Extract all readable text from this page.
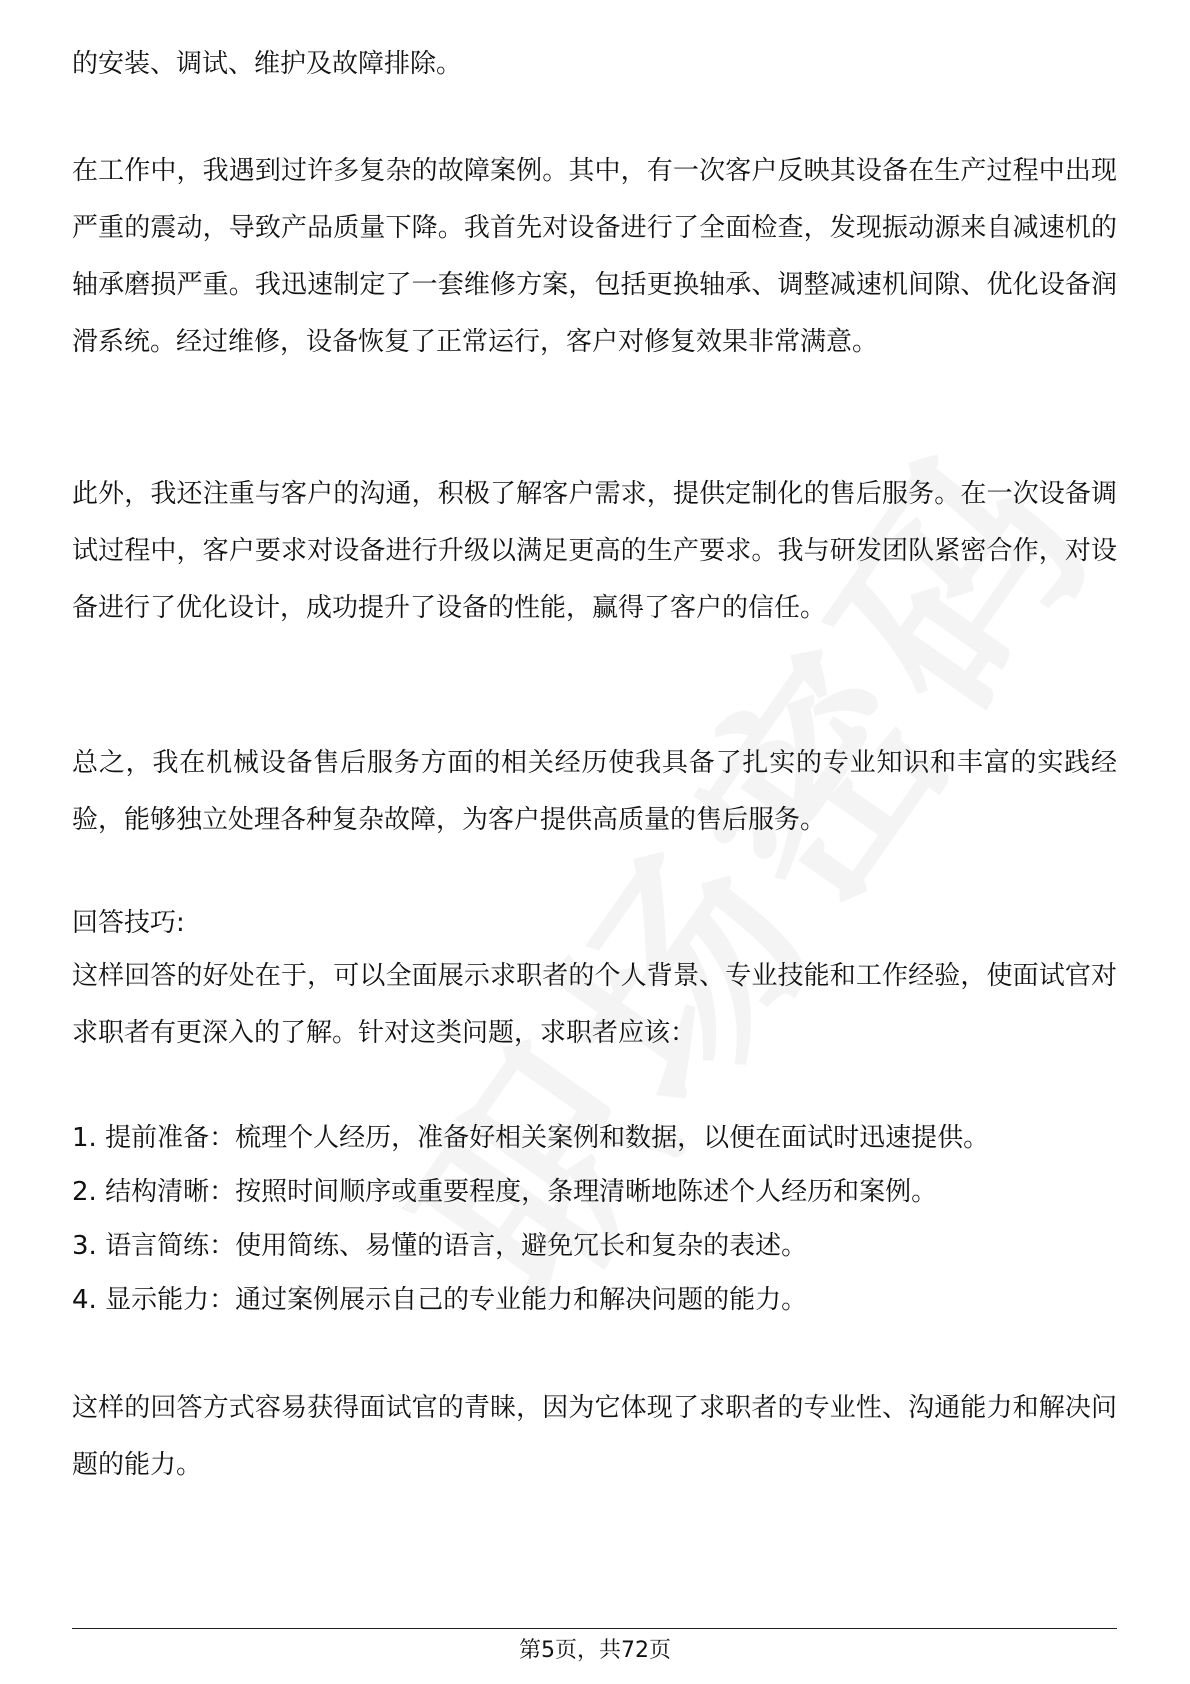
的安装、调试、维护及故障排除。

在工作中，我遇到过许多复杂的故障案例。其中，有一次客户反映其设备在生产过程中出现严重的震动，导致产品质量下降。我首先对设备进行了全面检查，发现振动源来自减速机的轴承磨损严重。我迅速制定了一套维修方案，包括更换轴承、调整减速机间隙、优化设备润滑系统。经过维修，设备恢复了正常运行，客户对修复效果非常满意。

此外，我还注重与客户的沟通，积极了解客户需求，提供定制化的售后服务。在一次设备调试过程中，客户要求对设备进行升级以满足更高的生产要求。我与研发团队紧密合作，对设备进行了优化设计，成功提升了设备的性能，赢得了客户的信任。

总之，我在机械设备售后服务方面的相关经历使我具备了扎实的专业知识和丰富的实践经验，能够独立处理各种复杂故障，为客户提供高质量的售后服务。

回答技巧:

这样回答的好处在于，可以全面展示求职者的个人背景、专业技能和工作经验，使面试官对求职者有更深入的了解。针对这类问题，求职者应该：

1. 提前准备：梳理个人经历，准备好相关案例和数据，以便在面试时迅速提供。

2. 结构清晰：按照时间顺序或重要程度，条理清晰地陈述个人经历和案例。

3. 语言简练：使用简练、易懂的语言，避免冗长和复杂的表述。

4. 显示能力：通过案例展示自己的专业能力和解决问题的能力。

这样的回答方式容易获得面试官的青睐，因为它体现了求职者的专业性、沟通能力和解决问题的能力。

第5页，共72页
